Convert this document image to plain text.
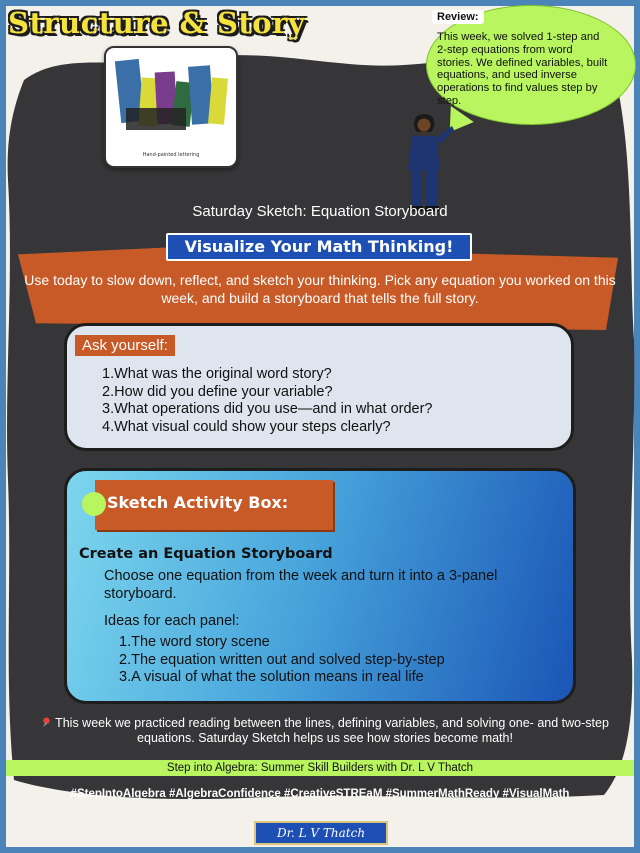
Structure & Story
Hand-painted lettering
Review:
This week, we solved 1-step and 2-step equations from word stories. We defined variables, built equations, and used inverse operations to find values step by step.
Saturday Sketch: Equation Storyboard
Visualize Your Math Thinking!
Use today to slow down, reflect, and sketch your thinking. Pick any equation you worked on this week, and build a storyboard that tells the full story.
Ask yourself:
1.What was the original word story?
2.How did you define your variable?
3.What operations did you use—and in what order?
4.What visual could show your steps clearly?
Sketch Activity Box:
Create an Equation Storyboard
Choose one equation from the week and turn it into a 3-panel storyboard.
Ideas for each panel:
1.The word story scene
2.The equation written out and solved step-by-step
3.A visual of what the solution means in real life
This week we practiced reading between the lines, defining variables, and solving one- and two-step equations. Saturday Sketch helps us see how stories become math!
Step into Algebra: Summer Skill Builders with Dr. L V Thatch
#StepIntoAlgebra #AlgebraConfidence #CreativeSTREaM #SummerMathReady #VisualMath
Dr. L V Thatch
